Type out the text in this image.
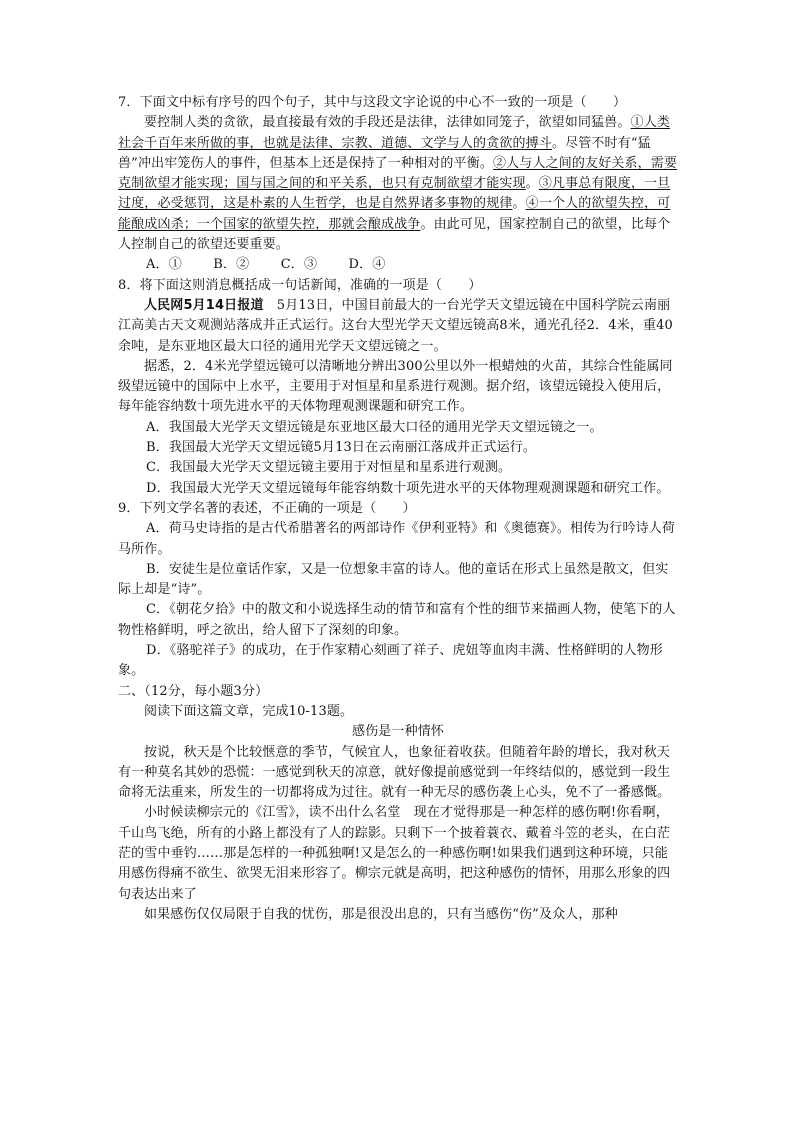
7．下面文中标有序号的四个句子，其中与这段文字论说的中心不一致的一项是（　　）

要控制人类的贪欲，最直接最有效的手段还是法律，法律如同笼子，欲望如同猛兽。①人类社会千百年来所做的事，也就是法律、宗教、道德、文学与人的贪欲的搏斗。尽管不时有“猛兽”冲出牢笼伤人的事件，但基本上还是保持了一种相对的平衡。②人与人之间的友好关系，需要克制欲望才能实现；国与国之间的和平关系，也只有克制欲望才能实现。③凡事总有限度，一旦过度，必受惩罚，这是朴素的人生哲学，也是自然界诸多事物的规律。④一个人的欲望失控，可能酿成凶杀；一个国家的欲望失控，那就会酿成战争。由此可见，国家控制自己的欲望，比每个人控制自己的欲望还要重要。

A．①　 B．②　 C．③　 D．④

8．将下面这则消息概括成一句话新闻，准确的一项是（　　）

人民网5月14日报道　5月13日，中国目前最大的一台光学天文望远镜在中国科学院云南丽江高美古天文观测站落成并正式运行。这台大型光学天文望远镜高8米，通光孔径2．4米，重40余吨，是东亚地区最大口径的通用光学天文望远镜之一。

据悉，2．4米光学望远镜可以清晰地分辨出300公里以外一根蜡烛的火苗，其综合性能属同级望远镜中的国际中上水平，主要用于对恒星和星系进行观测。据介绍，该望远镜投入使用后，每年能容纳数十项先进水平的天体物理观测课题和研究工作。

A．我国最大光学天文望远镜是东亚地区最大口径的通用光学天文望远镜之一。

B．我国最大光学天文望远镜5月13日在云南丽江落成并正式运行。

C．我国最大光学天文望远镜主要用于对恒星和星系进行观测。

D．我国最大光学天文望远镜每年能容纳数十项先进水平的天体物理观测课题和研究工作。

9．下列文学名著的表述，不正确的一项是（　　）

A．荷马史诗指的是古代希腊著名的两部诗作《伊利亚特》和《奥德赛》。相传为行吟诗人荷马所作。

B．安徒生是位童话作家，又是一位想象丰富的诗人。他的童话在形式上虽然是散文，但实际上却是“诗”。

C．《朝花夕拾》中的散文和小说选择生动的情节和富有个性的细节来描画人物，使笔下的人物性格鲜明，呼之欲出，给人留下了深刻的印象。

D．《骆驼祥子》的成功，在于作家精心刻画了祥子、虎妞等血肉丰满、性格鲜明的人物形象。

二、（12分，每小题3分）

阅读下面这篇文章，完成10-13题。

感伤是一种情怀

按说，秋天是个比较惬意的季节，气候宜人，也象征着收获。但随着年龄的增长，我对秋天有一种莫名其妙的恐慌：一感觉到秋天的凉意，就好像提前感觉到一年终结似的，感觉到一段生命将无法重来，所发生的一切都将成为过往。就有一种无尽的感伤袭上心头，免不了一番感慨。

小时候读柳宗元的《江雪》，读不出什么名堂　现在才觉得那是一种怎样的感伤啊!你看啊，千山鸟飞绝，所有的小路上都没有了人的踪影。只剩下一个披着蓑衣、戴着斗笠的老头，在白茫茫的雪中垂钓……那是怎样的一种孤独啊!又是怎么的一种感伤啊!如果我们遇到这种环境，只能用感伤得痛不欲生、欲哭无泪来形容了。柳宗元就是高明，把这种感伤的情怀，用那么形象的四句表达出来了

如果感伤仅仅局限于自我的忧伤，那是很没出息的，只有当感伤“伤”及众人，那种
